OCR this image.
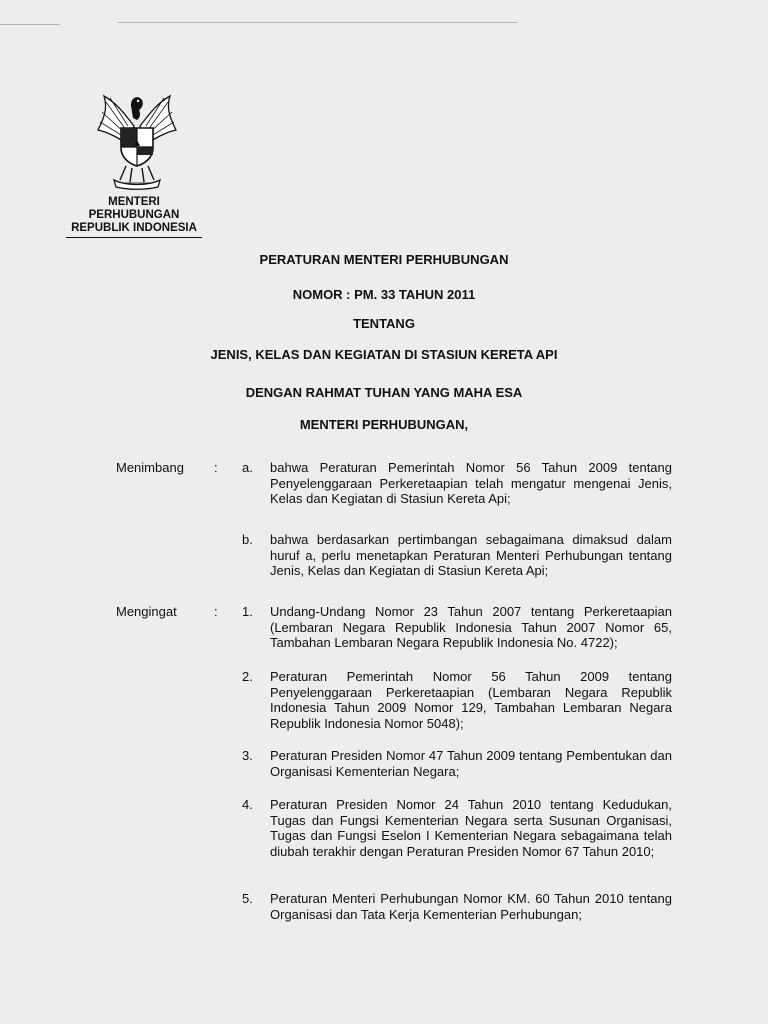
MENTERI PERHUBUNGAN
REPUBLIK INDONESIA
PERATURAN MENTERI PERHUBUNGAN
NOMOR : PM. 33 TAHUN 2011
TENTANG
JENIS, KELAS DAN KEGIATAN DI STASIUN KERETA API
DENGAN RAHMAT TUHAN YANG MAHA ESA
MENTERI PERHUBUNGAN,
Menimbang : a. bahwa Peraturan Pemerintah Nomor 56 Tahun 2009 tentang Penyelenggaraan Perkeretaapian telah mengatur mengenai Jenis, Kelas dan Kegiatan di Stasiun Kereta Api;

b. bahwa berdasarkan pertimbangan sebagaimana dimaksud dalam huruf a, perlu menetapkan Peraturan Menteri Perhubungan tentang Jenis, Kelas dan Kegiatan di Stasiun Kereta Api;

Mengingat	: 1. Undang-Undang Nomor 23 Tahun 2007 tentang Perkeretaapian (Lembaran Negara Republik Indonesia Tahun 2007 Nomor 65, Tambahan Lembaran Negara Republik Indonesia No. 4722);

2. Peraturan Pemerintah Nomor 56 Tahun 2009 tentang Penyelenggaraan Perkeretaapian (Lembaran Negara Republik Indonesia Tahun 2009 Nomor 129, Tambahan Lembaran Negara Republik Indonesia Nomor 5048);

3. Peraturan Presiden Nomor 47 Tahun 2009 tentang Pembentukan dan Organisasi Kementerian Negara;

4. Peraturan Presiden Nomor 24 Tahun 2010 tentang Kedudukan, Tugas dan Fungsi Kementerian Negara serta Susunan Organisasi, Tugas dan Fungsi Eselon I Kementerian Negara sebagaimana telah diubah terakhir dengan Peraturan Presiden Nomor 67 Tahun 2010;

5. Peraturan Menteri Perhubungan Nomor KM. 60 Tahun 2010 tentang Organisasi dan Tata Kerja Kementerian Perhubungan;
